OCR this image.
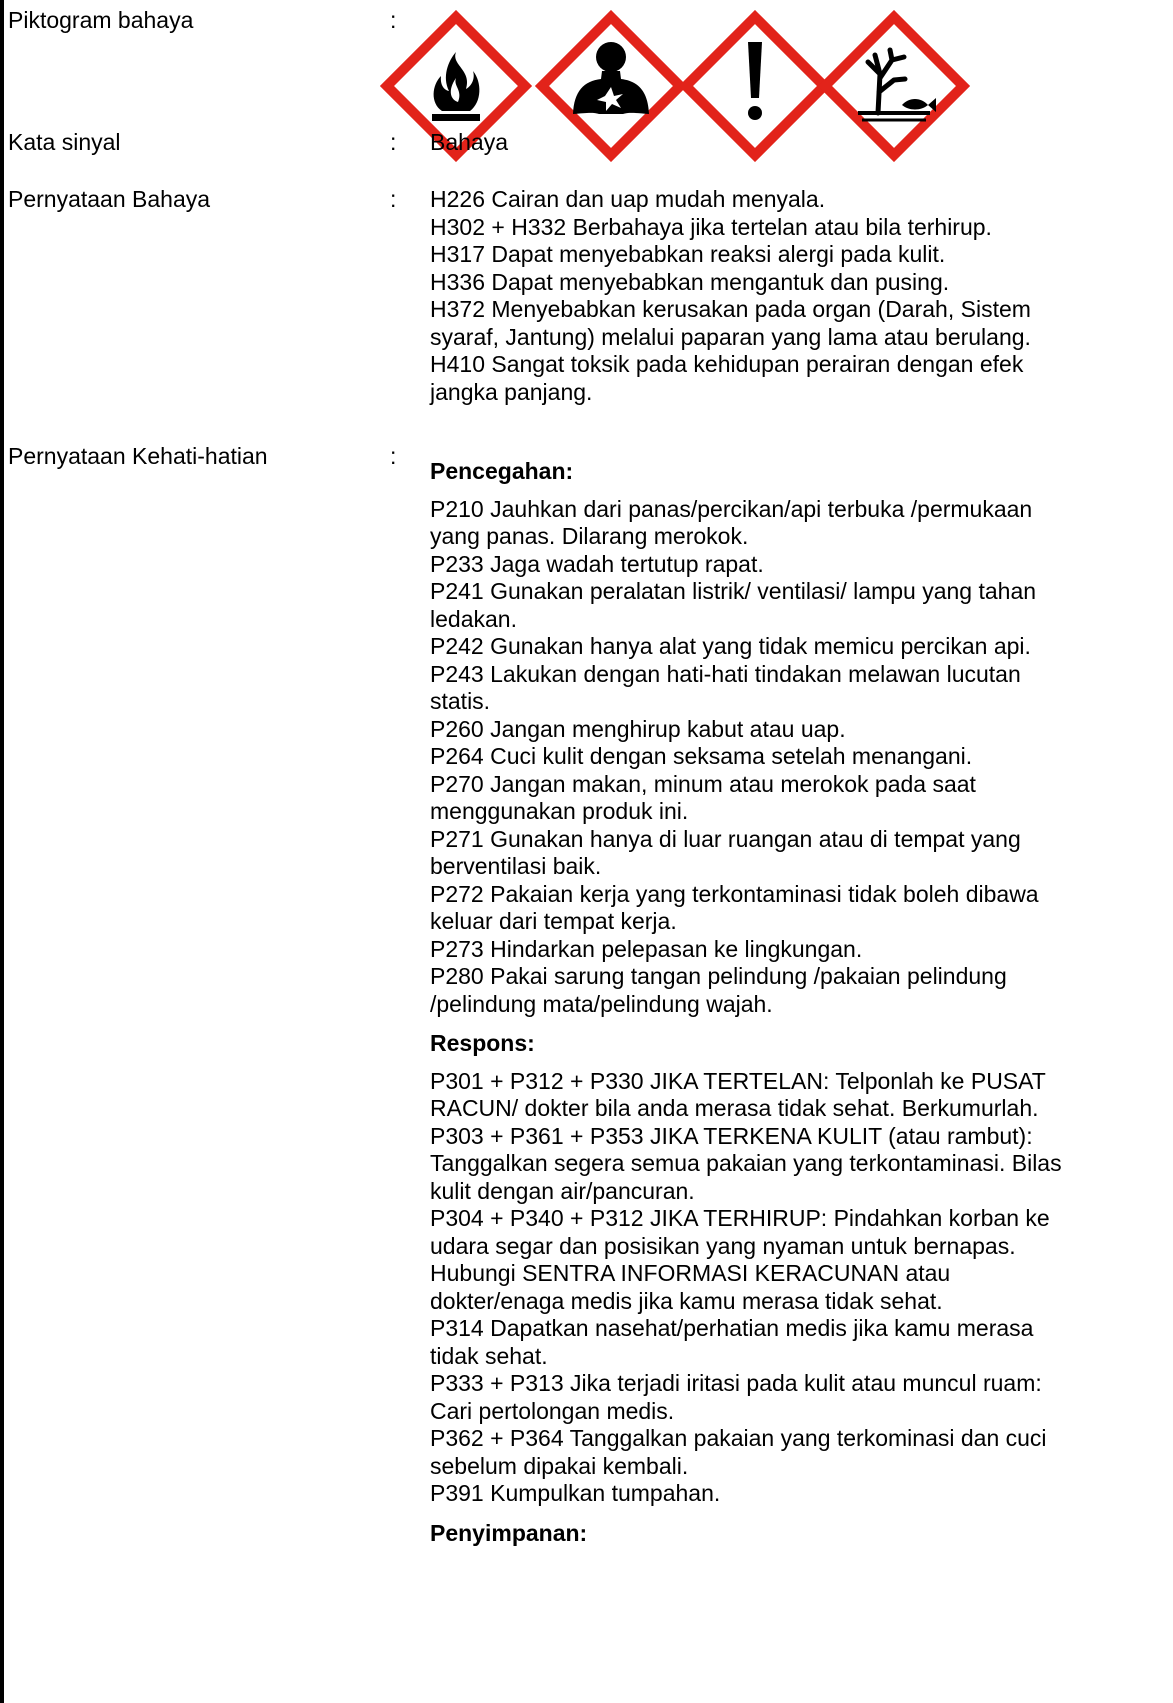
Piktogram bahaya	:
Kata sinyal	: Bahaya
Pernyataan Bahaya	: H226 Cairan dan uap mudah menyala.
H302 + H332 Berbahaya jika tertelan atau bila terhirup.
H317 Dapat menyebabkan reaksi alergi pada kulit.
H336 Dapat menyebabkan mengantuk dan pusing.
H372 Menyebabkan kerusakan pada organ (Darah, Sistem
syaraf, Jantung) melalui paparan yang lama atau berulang.
H410 Sangat toksik pada kehidupan perairan dengan efek
jangka panjang.
Pernyataan Kehati-hatian	:
Pencegahan:
P210 Jauhkan dari panas/percikan/api terbuka /permukaan
yang panas. Dilarang merokok.
P233 Jaga wadah tertutup rapat.
P241 Gunakan peralatan listrik/ ventilasi/ lampu yang tahan
ledakan.
P242 Gunakan hanya alat yang tidak memicu percikan api.
P243 Lakukan dengan hati-hati tindakan melawan lucutan
statis.
P260 Jangan menghirup kabut atau uap.
P264 Cuci kulit dengan seksama setelah menangani.
P270 Jangan makan, minum atau merokok pada saat
menggunakan produk ini.
P271 Gunakan hanya di luar ruangan atau di tempat yang
berventilasi baik.
P272 Pakaian kerja yang terkontaminasi tidak boleh dibawa
keluar dari tempat kerja.
P273 Hindarkan pelepasan ke lingkungan.
P280 Pakai sarung tangan pelindung /pakaian pelindung
/pelindung mata/pelindung wajah.
Respons:
P301 + P312 + P330 JIKA TERTELAN: Telponlah ke PUSAT
RACUN/ dokter bila anda merasa tidak sehat. Berkumurlah.
P303 + P361 + P353 JIKA TERKENA KULIT (atau rambut):
Tanggalkan segera semua pakaian yang terkontaminasi. Bilas
kulit dengan air/pancuran.
P304 + P340 + P312 JIKA TERHIRUP: Pindahkan korban ke
udara segar dan posisikan yang nyaman untuk bernapas.
Hubungi SENTRA INFORMASI KERACUNAN atau
dokter/enaga medis jika kamu merasa tidak sehat.
P314 Dapatkan nasehat/perhatian medis jika kamu merasa
tidak sehat.
P333 + P313 Jika terjadi iritasi pada kulit atau muncul ruam:
Cari pertolongan medis.
P362 + P364 Tanggalkan pakaian yang terkominasi dan cuci
sebelum dipakai kembali.
P391 Kumpulkan tumpahan.
Penyimpanan:
